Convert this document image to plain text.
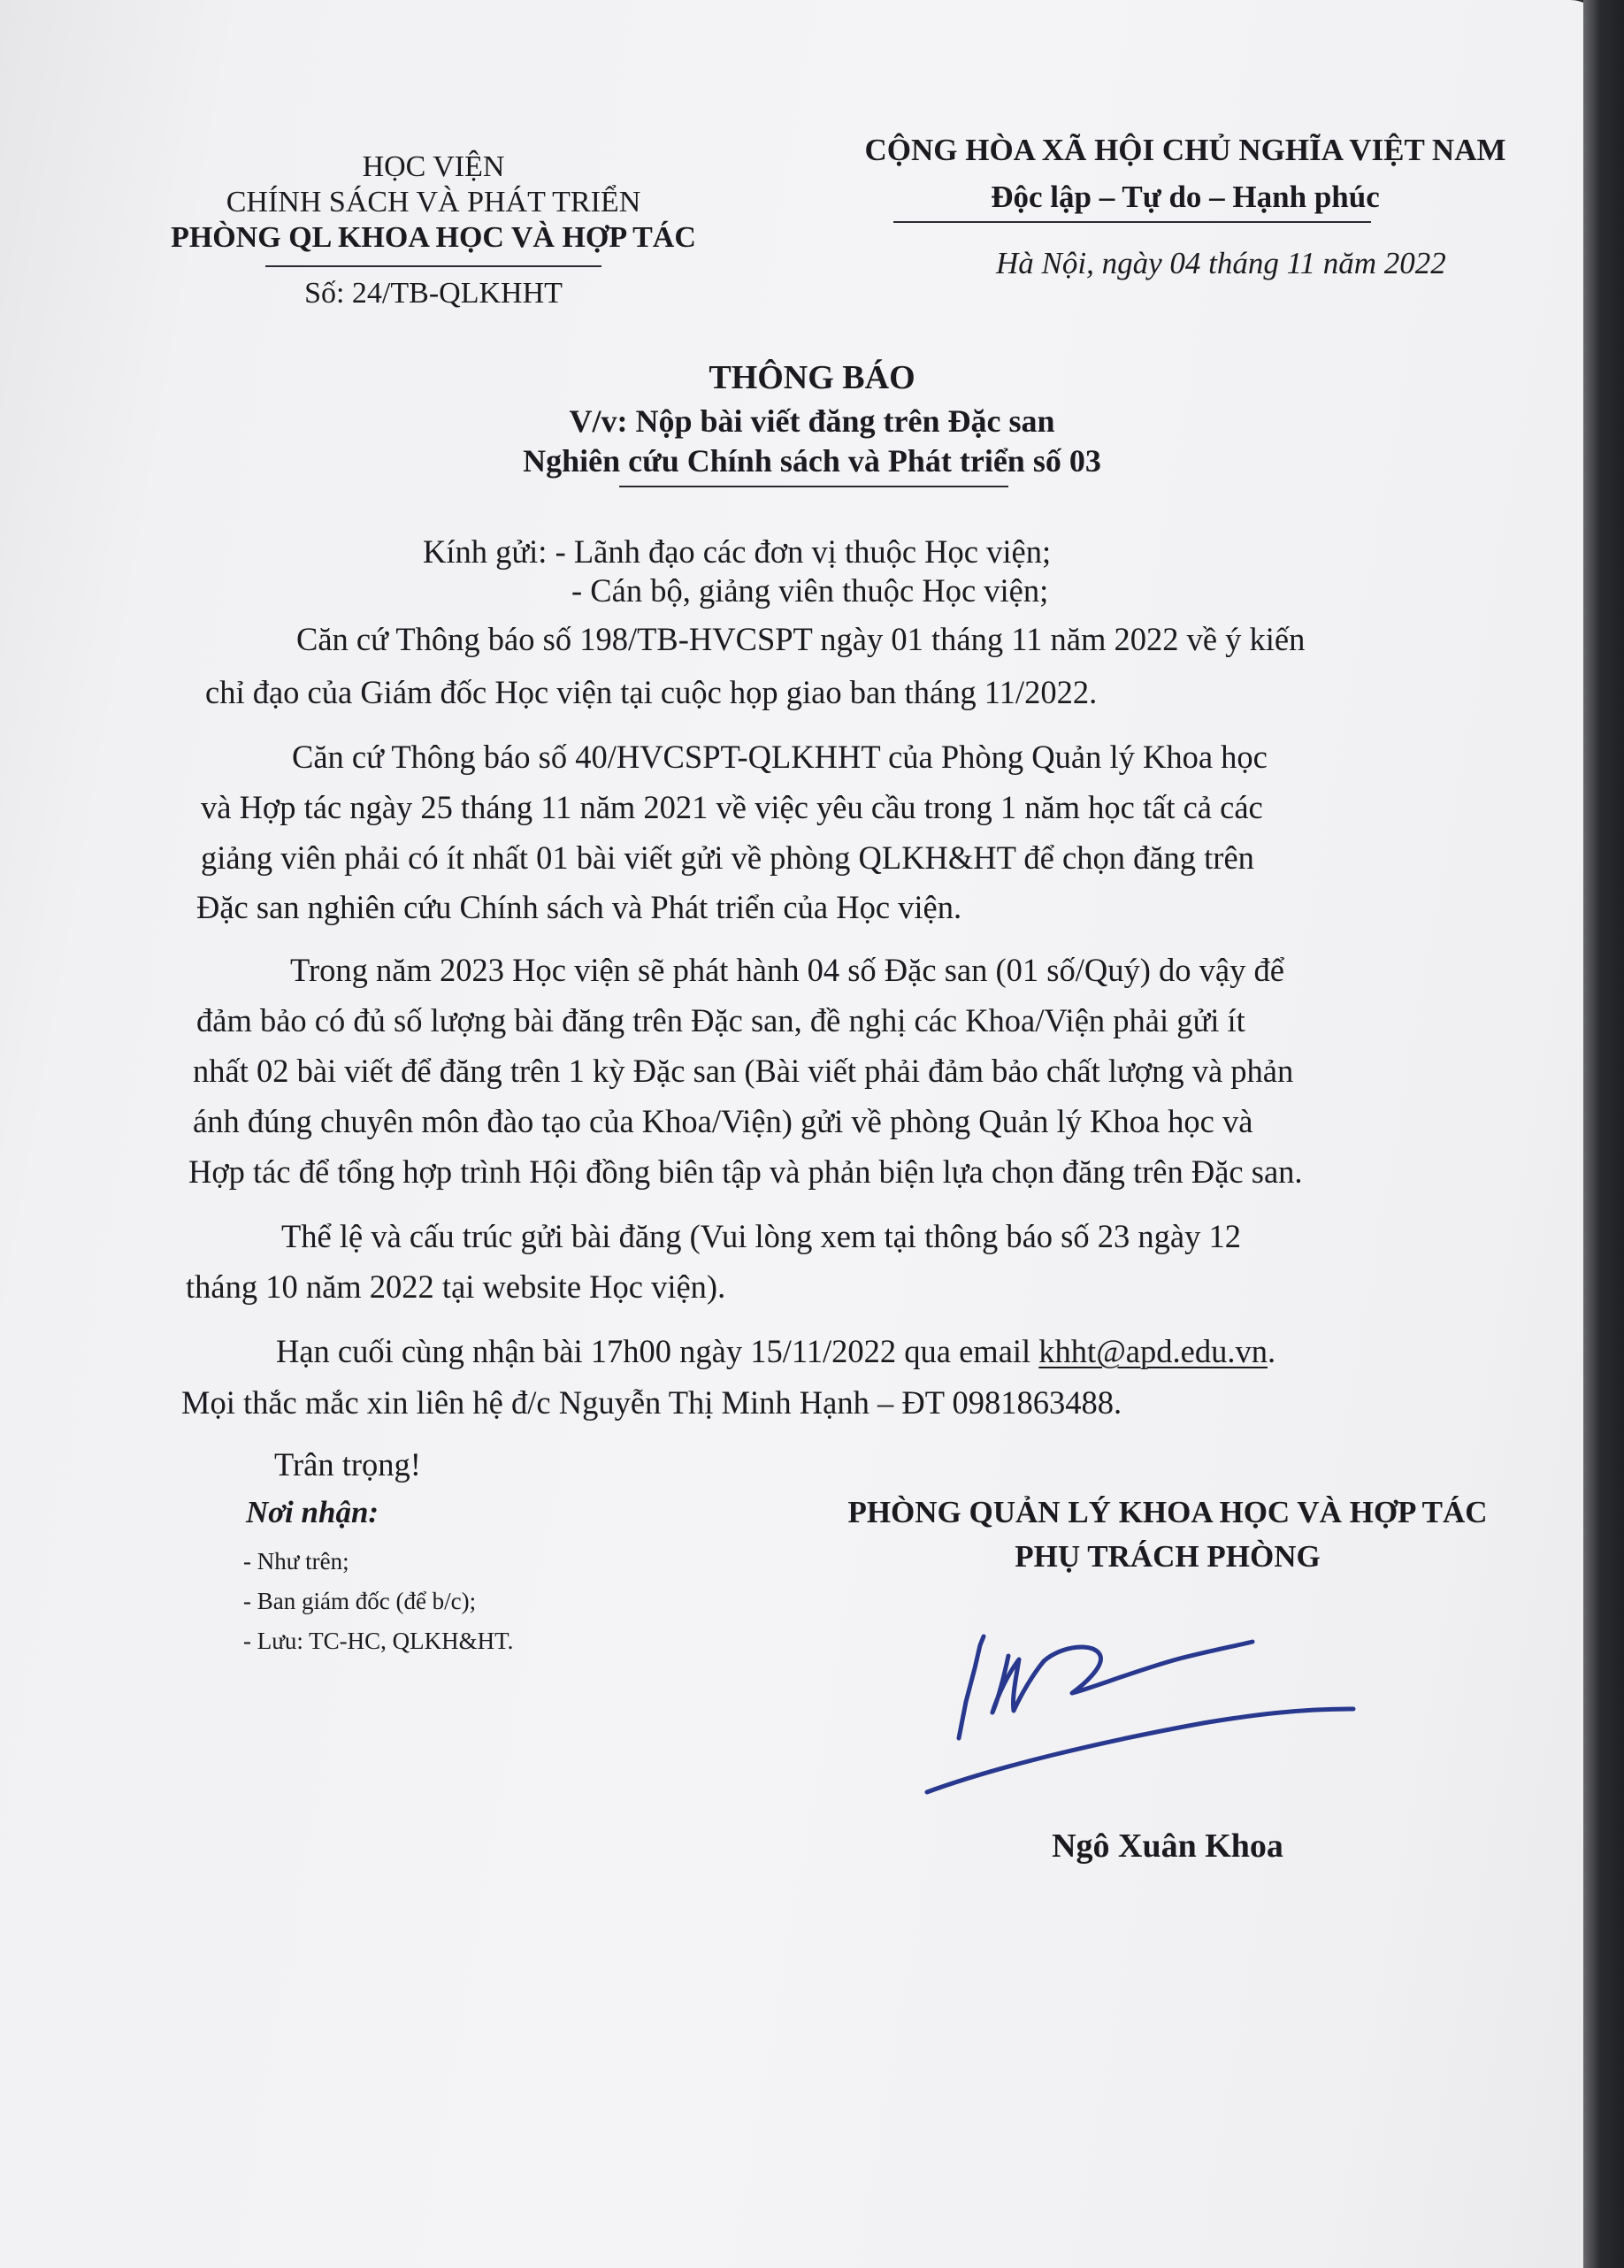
HỌC VIỆN
CHÍNH SÁCH VÀ PHÁT TRIỂN
PHÒNG QL KHOA HỌC VÀ HỢP TÁC
Số: 24/TB-QLKHHT
CỘNG HÒA XÃ HỘI CHỦ NGHĨA VIỆT NAM
Độc lập – Tự do – Hạnh phúc
Hà Nội, ngày 04 tháng 11 năm 2022
THÔNG BÁO
V/v: Nộp bài viết đăng trên Đặc san
Nghiên cứu Chính sách và Phát triển số 03
Kính gửi: - Lãnh đạo các đơn vị thuộc Học viện;
- Cán bộ, giảng viên thuộc Học viện;
Căn cứ Thông báo số 198/TB-HVCSPT ngày 01 tháng 11 năm 2022 về ý kiến
chỉ đạo của Giám đốc Học viện tại cuộc họp giao ban tháng 11/2022.
Căn cứ Thông báo số 40/HVCSPT-QLKHHT của Phòng Quản lý Khoa học
và Hợp tác ngày 25 tháng 11 năm 2021 về việc yêu cầu trong 1 năm học tất cả các
giảng viên phải có ít nhất 01 bài viết gửi về phòng QLKH&HT để chọn đăng trên
Đặc san nghiên cứu Chính sách và Phát triển của Học viện.
Trong năm 2023 Học viện sẽ phát hành 04 số Đặc san (01 số/Quý) do vậy để
đảm bảo có đủ số lượng bài đăng trên Đặc san, đề nghị các Khoa/Viện phải gửi ít
nhất 02 bài viết để đăng trên 1 kỳ Đặc san (Bài viết phải đảm bảo chất lượng và phản
ánh đúng chuyên môn đào tạo của Khoa/Viện) gửi về phòng Quản lý Khoa học và
Hợp tác để tổng hợp trình Hội đồng biên tập và phản biện lựa chọn đăng trên Đặc san.
Thể lệ và cấu trúc gửi bài đăng (Vui lòng xem tại thông báo số 23 ngày 12
tháng 10 năm 2022 tại website Học viện).
Hạn cuối cùng nhận bài 17h00 ngày 15/11/2022 qua email khht@apd.edu.vn.
Mọi thắc mắc xin liên hệ đ/c Nguyễn Thị Minh Hạnh – ĐT 0981863488.
Trân trọng!
Nơi nhận:
- Như trên;
- Ban giám đốc (để b/c);
- Lưu: TC-HC, QLKH&HT.
PHÒNG QUẢN LÝ KHOA HỌC VÀ HỢP TÁC
PHỤ TRÁCH PHÒNG
Ngô Xuân Khoa
